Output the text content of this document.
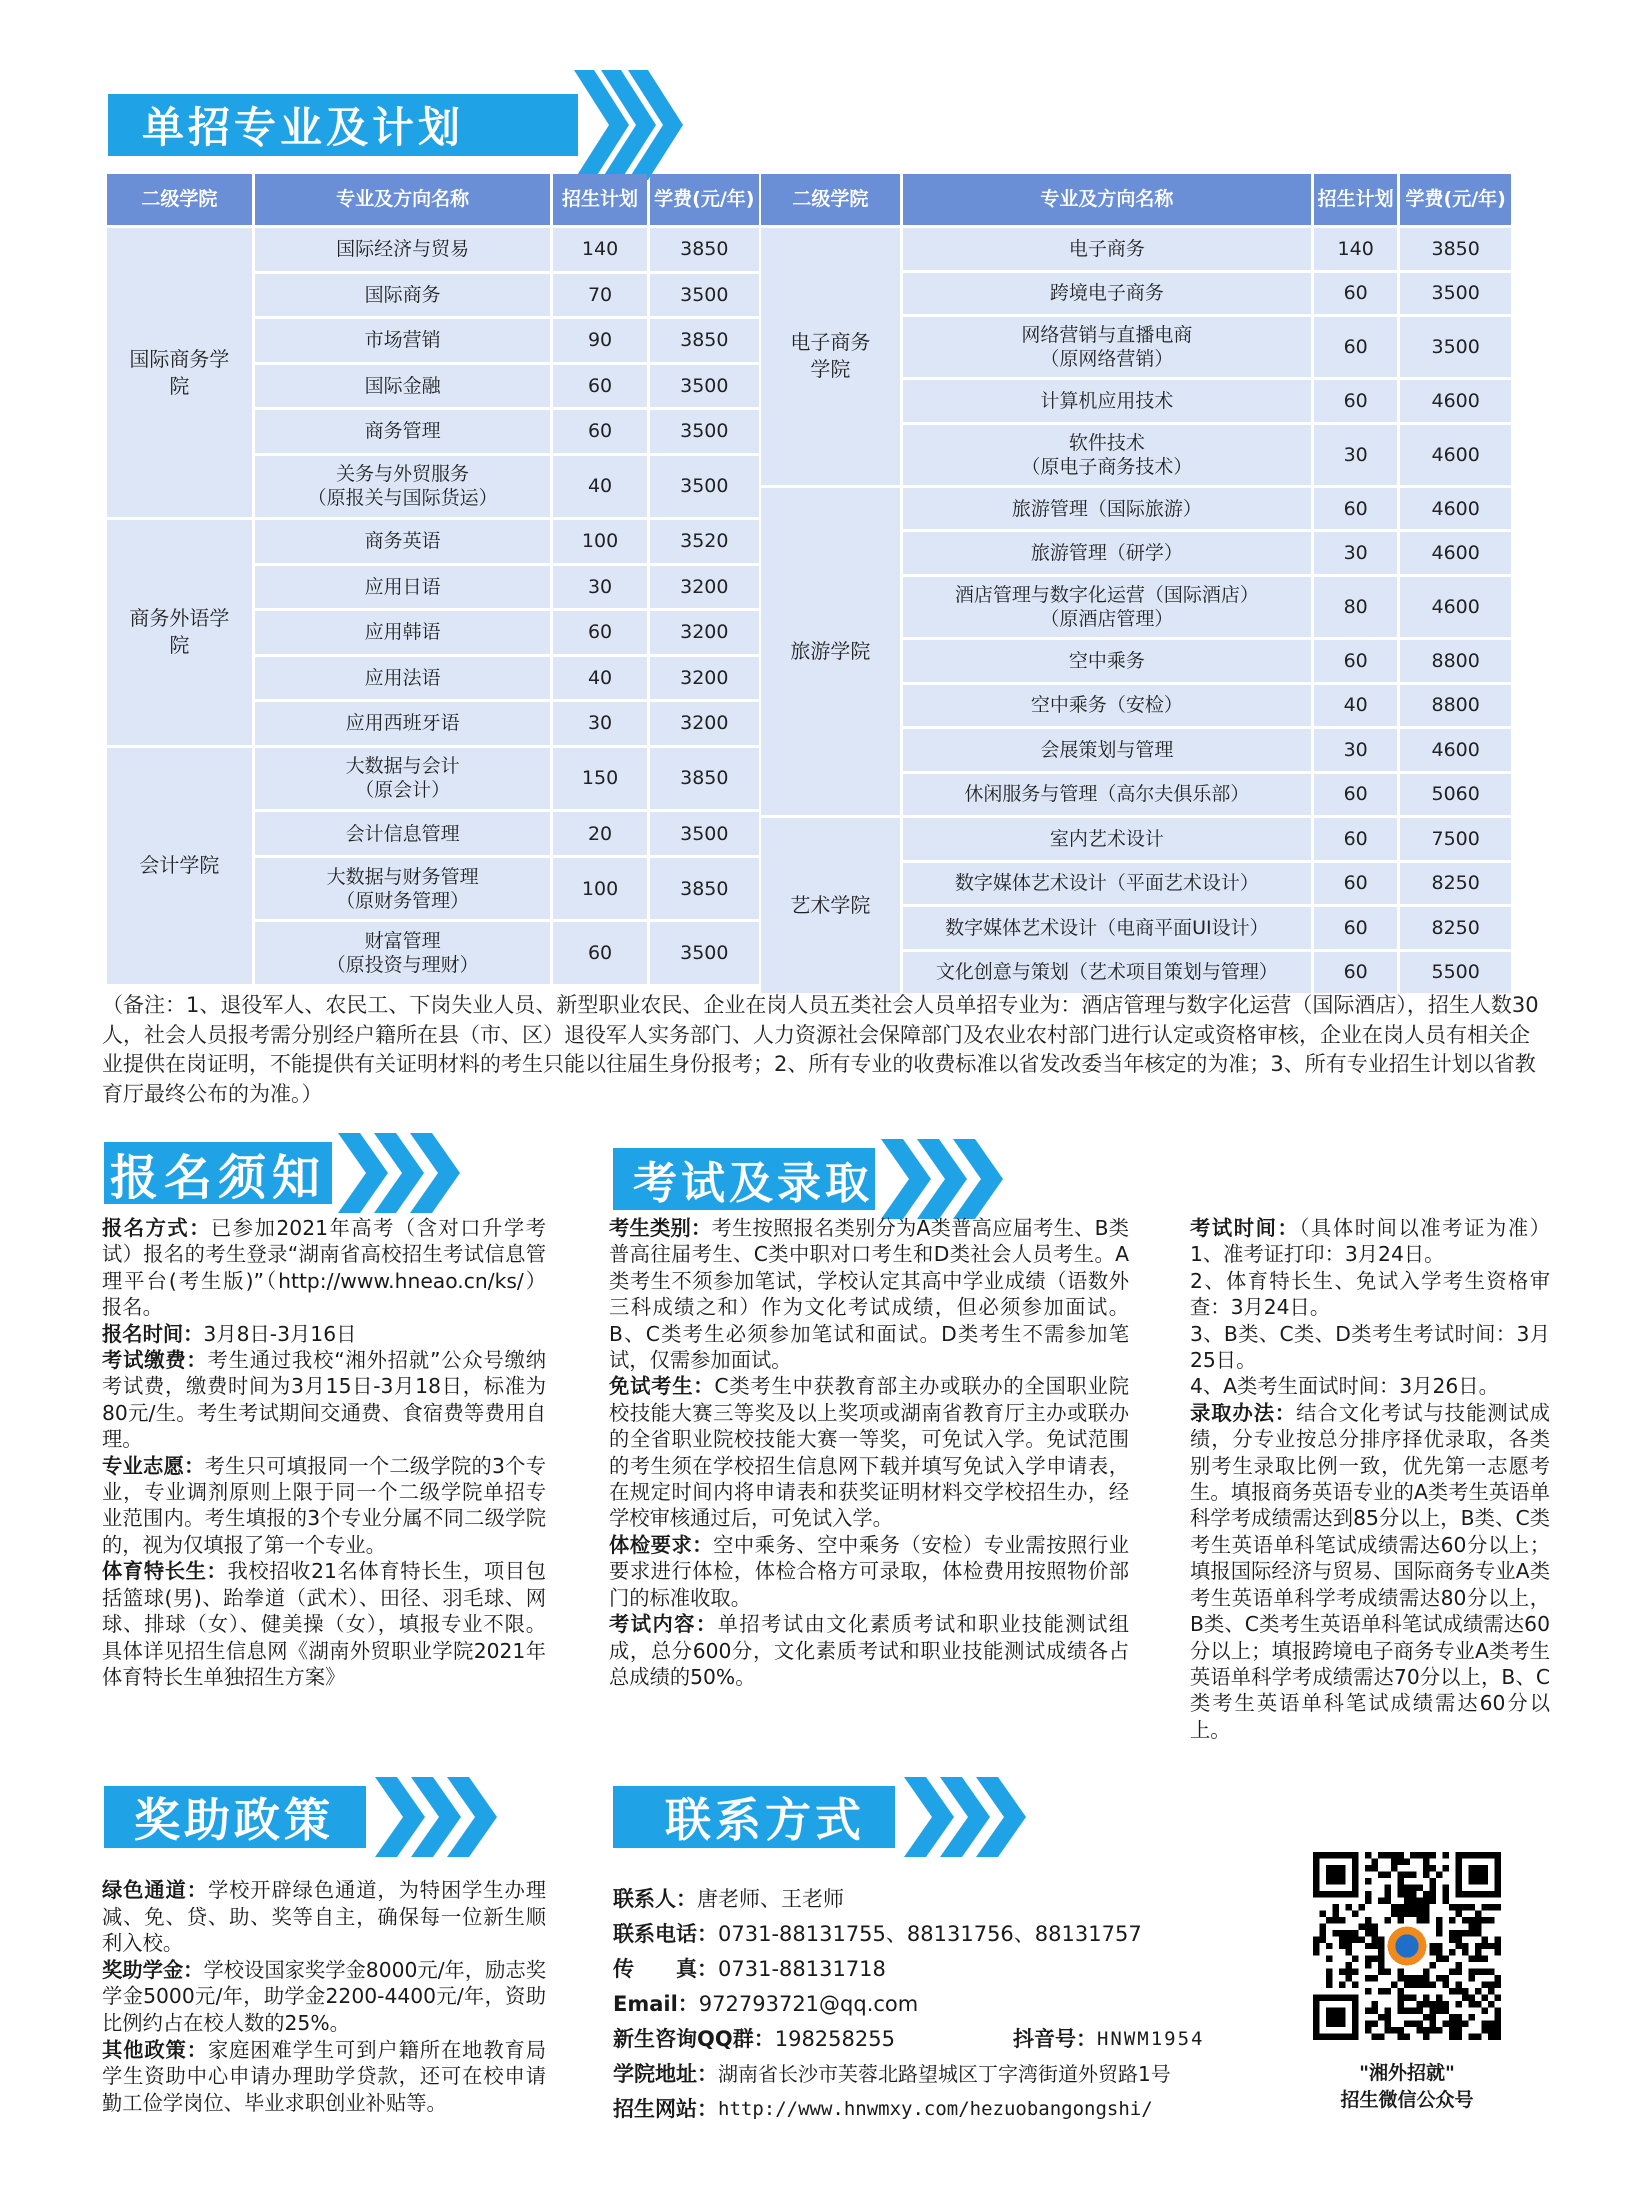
单招专业及计划
二级学院	专业及方向名称	招生计划	学费(元/年)
国际商务学院	国际经济与贸易	140	3850

	国际商务	70	3500

	市场营销	90	3850

	国际金融	60	3500

	商务管理	60	3500

	关务与外贸服务
（原报关与国际货运）	40	3500
商务外语学院	商务英语	100	3520

	应用日语	30	3200

	应用韩语	60	3200

	应用法语	40	3200

	应用西班牙语	30	3200
会计学院	大数据与会计
（原会计）	150	3850

	会计信息管理	20	3500

	大数据与财务管理
（原财务管理）	100	3850

	财富管理
（原投资与理财）	60	3500
二级学院	专业及方向名称	招生计划	学费(元/年)
电子商务学院	电子商务	140	3850

	跨境电子商务	60	3500

	网络营销与直播电商
（原网络营销）	60	3500

	计算机应用技术	60	4600

	软件技术
（原电子商务技术）	30	4600
旅游学院	旅游管理（国际旅游）	60	4600

	旅游管理（研学）	30	4600

	酒店管理与数字化运营（国际酒店）
（原酒店管理）	80	4600

	空中乘务	60	8800

	空中乘务（安检）	40	8800

	会展策划与管理	30	4600

	休闲服务与管理（高尔夫俱乐部）	60	5060
艺术学院	室内艺术设计	60	7500

	数字媒体艺术设计（平面艺术设计）	60	8250

	数字媒体艺术设计（电商平面UI设计）	60	8250

	文化创意与策划（艺术项目策划与管理）	60	5500
（备注：1、退役军人、农民工、下岗失业人员、新型职业农民、企业在岗人员五类社会人员单招专业为：酒店管理与数字化运营（国际酒店），招生人数30人，社会人员报考需分别经户籍所在县（市、区）退役军人实务部门、人力资源社会保障部门及农业农村部门进行认定或资格审核，企业在岗人员有相关企业提供在岗证明，不能提供有关证明材料的考生只能以往届生身份报考；2、所有专业的收费标准以省发改委当年核定的为准；3、所有专业招生计划以省教育厅最终公布的为准。）
报名须知	考试及录取
奖助政策	联系方式
报名方式：已参加2021年高考（含对口升学考试）报名的考生登录“湖南省高校招生考试信息管理平台(考生版)”（http://www.hneao.cn/ks/） 报名。
报名时间：3月8日-3月16日
考试缴费：考生通过我校“湘外招就”公众号缴纳考试费，缴费时间为3月15日-3月18日，标准为80元/生。考生考试期间交通费、食宿费等费用自理。
专业志愿：考生只可填报同一个二级学院的3个专业，专业调剂原则上限于同一个二级学院单招专业范围内。考生填报的3个专业分属不同二级学院的，视为仅填报了第一个专业。
体育特长生：我校招收21名体育特长生，项目包括篮球(男)、跆拳道（武术）、田径、羽毛球、网球、排球（女）、健美操（女），填报专业不限。具体详见招生信息网《湖南外贸职业学院2021年体育特长生单独招生方案》
考生类别：考生按照报名类别分为A类普高应届考生、B类普高往届考生、C类中职对口考生和D类社会人员考生。A类考生不须参加笔试，学校认定其高中学业成绩（语数外三科成绩之和）作为文化考试成绩，但必须参加面试。B、C类考生必须参加笔试和面试。D类考生不需参加笔试，仅需参加面试。
免试考生：C类考生中获教育部主办或联办的全国职业院校技能大赛三等奖及以上奖项或湖南省教育厅主办或联办的全省职业院校技能大赛一等奖，可免试入学。免试范围的考生须在学校招生信息网下载并填写免试入学申请表，在规定时间内将申请表和获奖证明材料交学校招生办，经学校审核通过后，可免试入学。
体检要求：空中乘务、空中乘务（安检）专业需按照行业要求进行体检，体检合格方可录取，体检费用按照物价部门的标准收取。
考试内容：单招考试由文化素质考试和职业技能测试组成，总分600分，文化素质考试和职业技能测试成绩各占总成绩的50%。
考试时间：（具体时间以准考证为准）1、准考证打印：3月24日。
2、体育特长生、免试入学考生资格审查：3月24日。
3、B类、C类、D类考生考试时间：3月25日。
4、A类考生面试时间：3月26日。
录取办法：结合文化考试与技能测试成绩，分专业按总分排序择优录取，各类别考生录取比例一致，优先第一志愿考生。填报商务英语专业的A类考生英语单科学考成绩需达到85分以上，B类、C类考生英语单科笔试成绩需达60分以上；填报国际经济与贸易、国际商务专业A类考生英语单科学考成绩需达80分以上，B类、C类考生英语单科笔试成绩需达60分以上；填报跨境电子商务专业A类考生英语单科学考成绩需达70分以上，B、C类考生英语单科笔试成绩需达60分以上。
绿色通道：学校开辟绿色通道，为特困学生办理减、免、贷、助、奖等自主，确保每一位新生顺利入校。
奖助学金：学校设国家奖学金8000元/年，励志奖学金5000元/年，助学金2200-4400元/年，资助比例约占在校人数的25%。
其他政策：家庭困难学生可到户籍所在地教育局学生资助中心申请办理助学贷款，还可在校申请勤工俭学岗位、毕业求职创业补贴等。
联系人： 唐老师、王老师
联系电话： 0731-88131755、88131756、88131757
传　　真： 0731-88131718
Email： 972793721@qq.com
新生咨询QQ群： 198258255	抖音号： HNWM1954
学院地址： 湖南省长沙市芙蓉北路望城区丁字湾街道外贸路1号
招生网站： http://www.hnwmxy.com/hezuobangongshi/
"湘外招就"
招生微信公众号
